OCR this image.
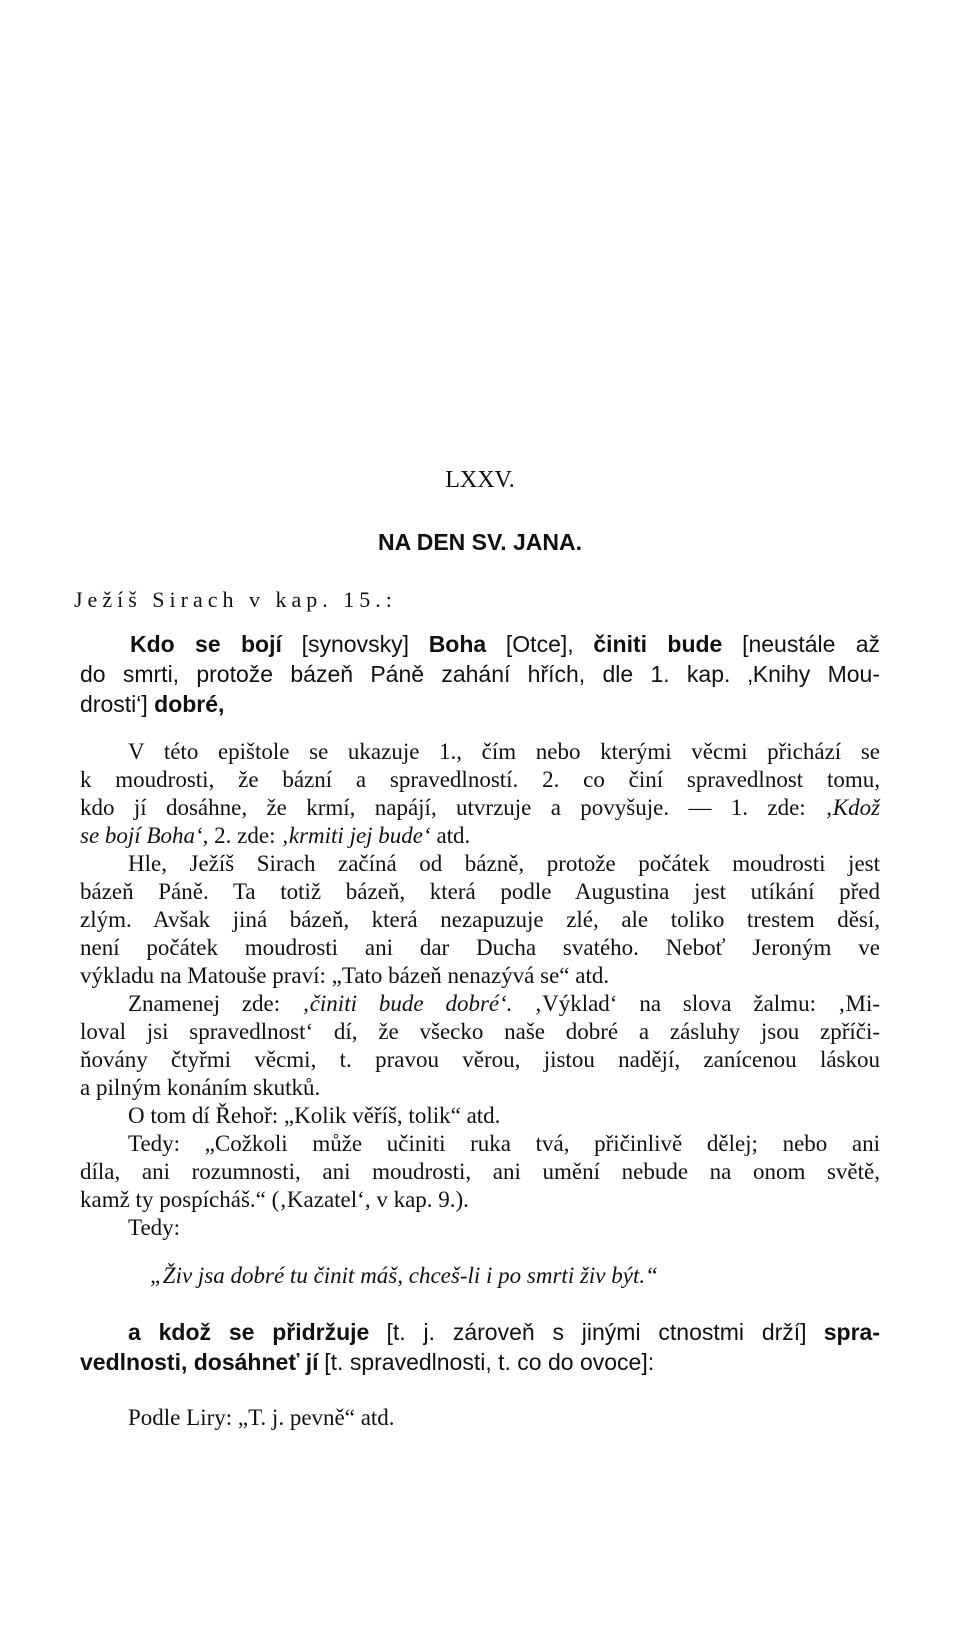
LXXV.
NA DEN SV. JANA.
Ježíš Sirach v kap. 15.:
Kdo se bojí [synovsky] Boha [Otce], činiti bude [neustále až
do smrti, protože bázeň Páně zahání hřích, dle 1. kap. ‚Knihy Mou-
drosti‘] dobré,
V této epištole se ukazuje 1., čím nebo kterými věcmi přichází se
k moudrosti, že bázní a spravedlností. 2. co činí spravedlnost tomu,
kdo jí dosáhne, že krmí, napájí, utvrzuje a povyšuje. — 1. zde: ‚Kdož
se bojí Boha‘, 2. zde: ‚krmiti jej bude‘ atd.
Hle, Ježíš Sirach začíná od bázně, protože počátek moudrosti jest
bázeň Páně. Ta totiž bázeň, která podle Augustina jest utíkání před
zlým. Avšak jiná bázeň, která nezapuzuje zlé, ale toliko trestem děsí,
není počátek moudrosti ani dar Ducha svatého. Neboť Jeroným ve
výkladu na Matouše praví: „Tato bázeň nenazývá se“ atd.
Znamenej zde: ‚činiti bude dobré‘. ‚Výklad‘ na slova žalmu: ‚Mi-
loval jsi spravedlnost‘ dí, že všecko naše dobré a zásluhy jsou zpříči-
ňovány čtyřmi věcmi, t. pravou věrou, jistou nadějí, zanícenou láskou
a pilným konáním skutků.
O tom dí Řehoř: „Kolik věříš, tolik“ atd.
Tedy: „Cožkoli může učiniti ruka tvá, přičinlivě dělej; nebo ani
díla, ani rozumnosti, ani moudrosti, ani umění nebude na onom světě,
kamž ty pospícháš.“ (‚Kazatel‘, v kap. 9.).
Tedy:
„Živ jsa dobré tu činit máš, chceš-li i po smrti živ být.“
a kdož se přidržuje [t. j. zároveň s jinými ctnostmi drží] spra-
vedlnosti, dosáhneť jí [t. spravedlnosti, t. co do ovoce]:
Podle Liry: „T. j. pevně“ atd.
